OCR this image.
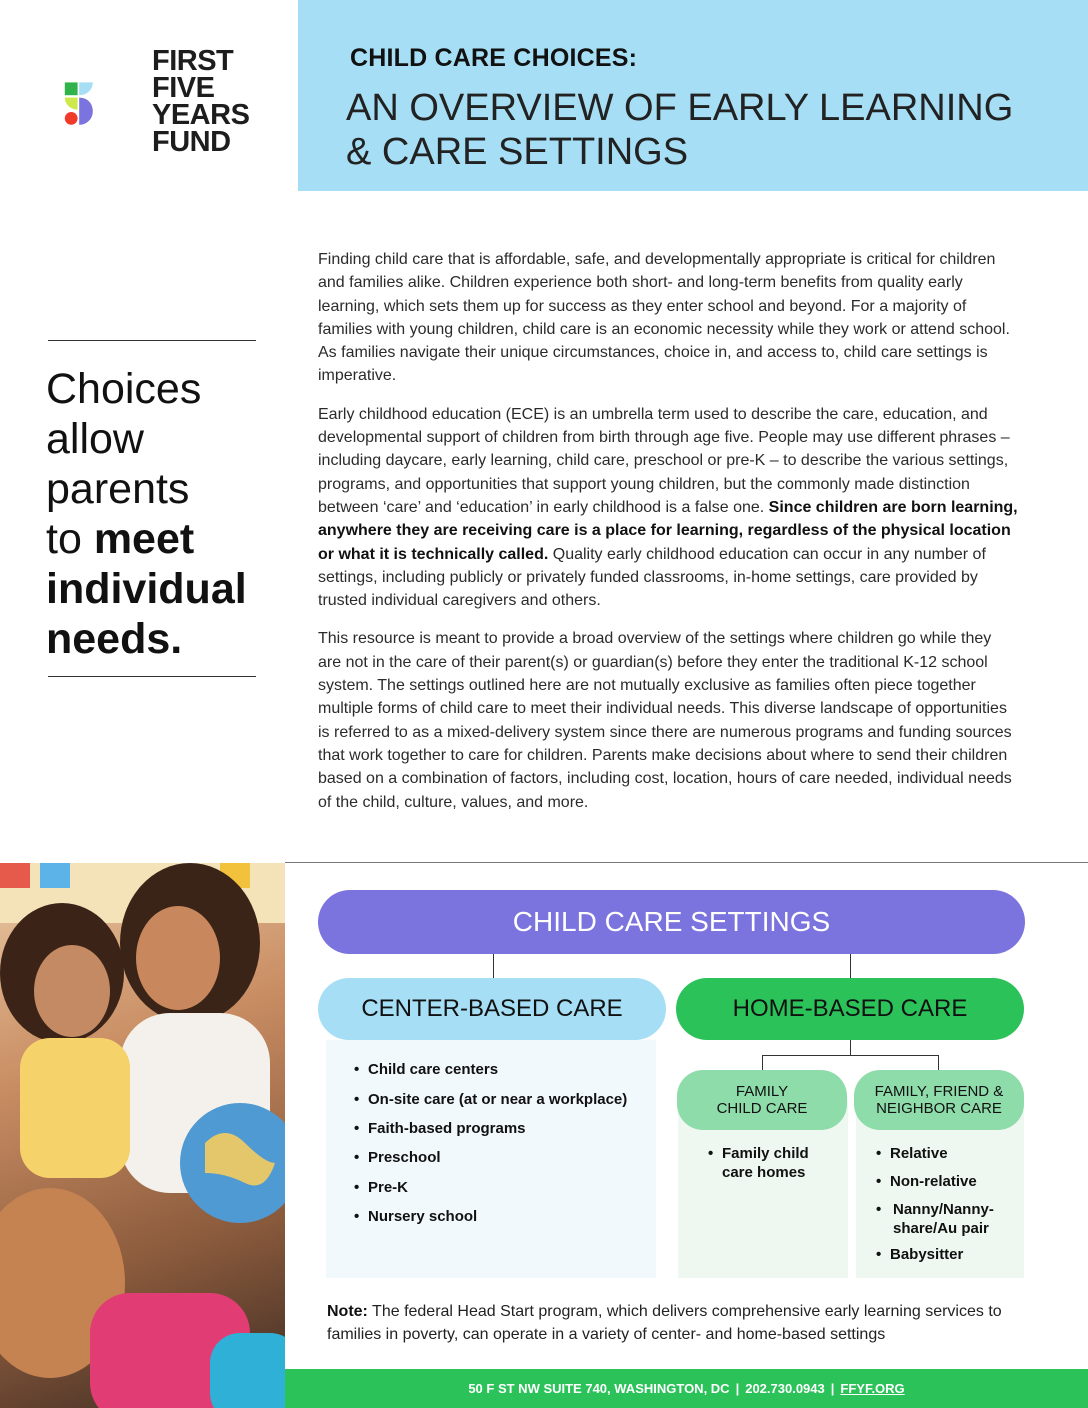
CHILD CARE CHOICES:
AN OVERVIEW OF EARLY LEARNING
& CARE SETTINGS
FIRST
FIVE
YEARS
FUND

Choices
allow
parents
to meet
individual
needs.

Finding child care that is affordable, safe, and developmentally appropriate is critical for children and families alike. Children experience both short- and long-term benefits from quality early learning, which sets them up for success as they enter school and beyond. For a majority of families with young children, child care is an economic necessity while they work or attend school. As families navigate their unique circumstances, choice in, and access to, child care settings is imperative.

Early childhood education (ECE) is an umbrella term used to describe the care, education, and developmental support of children from birth through age five. People may use different phrases – including daycare, early learning, child care, preschool or pre-K – to describe the various settings, programs, and opportunities that support young children, but the commonly made distinction between ‘care’ and ‘education’ in early childhood is a false one. Since children are born learning, anywhere they are receiving care is a place for learning, regardless of the physical location or what it is technically called. Quality early childhood education can occur in any number of settings, including publicly or privately funded classrooms, in-home settings, care provided by trusted individual caregivers and others.

This resource is meant to provide a broad overview of the settings where children go while they are not in the care of their parent(s) or guardian(s) before they enter the traditional K-12 school system. The settings outlined here are not mutually exclusive as families often piece together multiple forms of child care to meet their individual needs. This diverse landscape of opportunities is referred to as a mixed-delivery system since there are numerous programs and funding sources that work together to care for children. Parents make decisions about where to send their children based on a combination of factors, including cost, location, hours of care needed, individual needs of the child, culture, values, and more.

CHILD CARE SETTINGS
CENTER-BASED CARE	HOME-BASED CARE
• Child care centers
• On-site care (at or near a workplace)
• Faith-based programs
• Preschool
• Pre-K
• Nursery school
FAMILY
CHILD CARE
FAMILY, FRIEND &
NEIGHBOR CARE
• Family child
care homes
• Relative
• Non-relative
• Nanny/Nanny-share/Au pair
• Babysitter

Note: The federal Head Start program, which delivers comprehensive early learning services to families in poverty, can operate in a variety of center- and home-based settings

50 F ST NW SUITE 740, WASHINGTON, DC | 202.730.0943 | FFYF.ORG
